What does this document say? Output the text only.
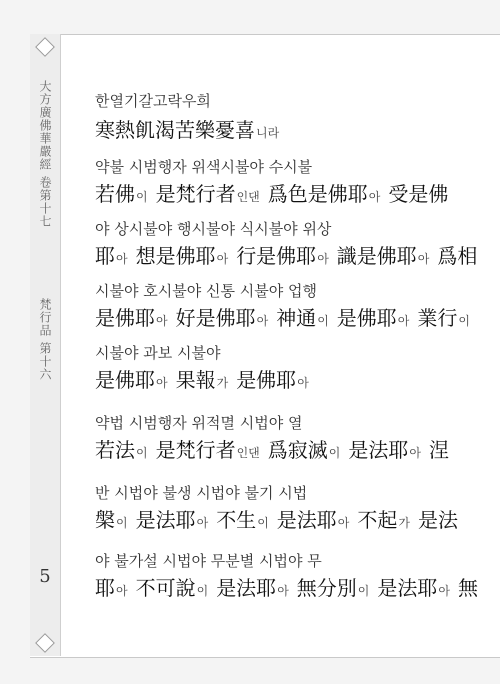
大方廣佛華嚴經 卷第十七
梵行品 第十六
5
한열기갈고락우희
寒熱飢渴苦樂憂喜니라
약불 시범행자 위색시불야 수시불
若佛이 是梵行者인댄 爲色是佛耶아 受是佛
야 상시불야 행시불야 식시불야 위상
耶아 想是佛耶아 行是佛耶아 識是佛耶아 爲相
시불야 호시불야 신통 시불야 업행
是佛耶아 好是佛耶아 神通이 是佛耶아 業行이
시불야 과보 시불야
是佛耶아 果報가 是佛耶아
약법 시범행자 위적멸 시법야 열
若法이 是梵行者인댄 爲寂滅이 是法耶아 涅
반 시법야 불생 시법야 불기 시법
槃이 是法耶아 不生이 是法耶아 不起가 是法
야 불가설 시법야 무분별 시법야 무
耶아 不可說이 是法耶아 無分別이 是法耶아 無
